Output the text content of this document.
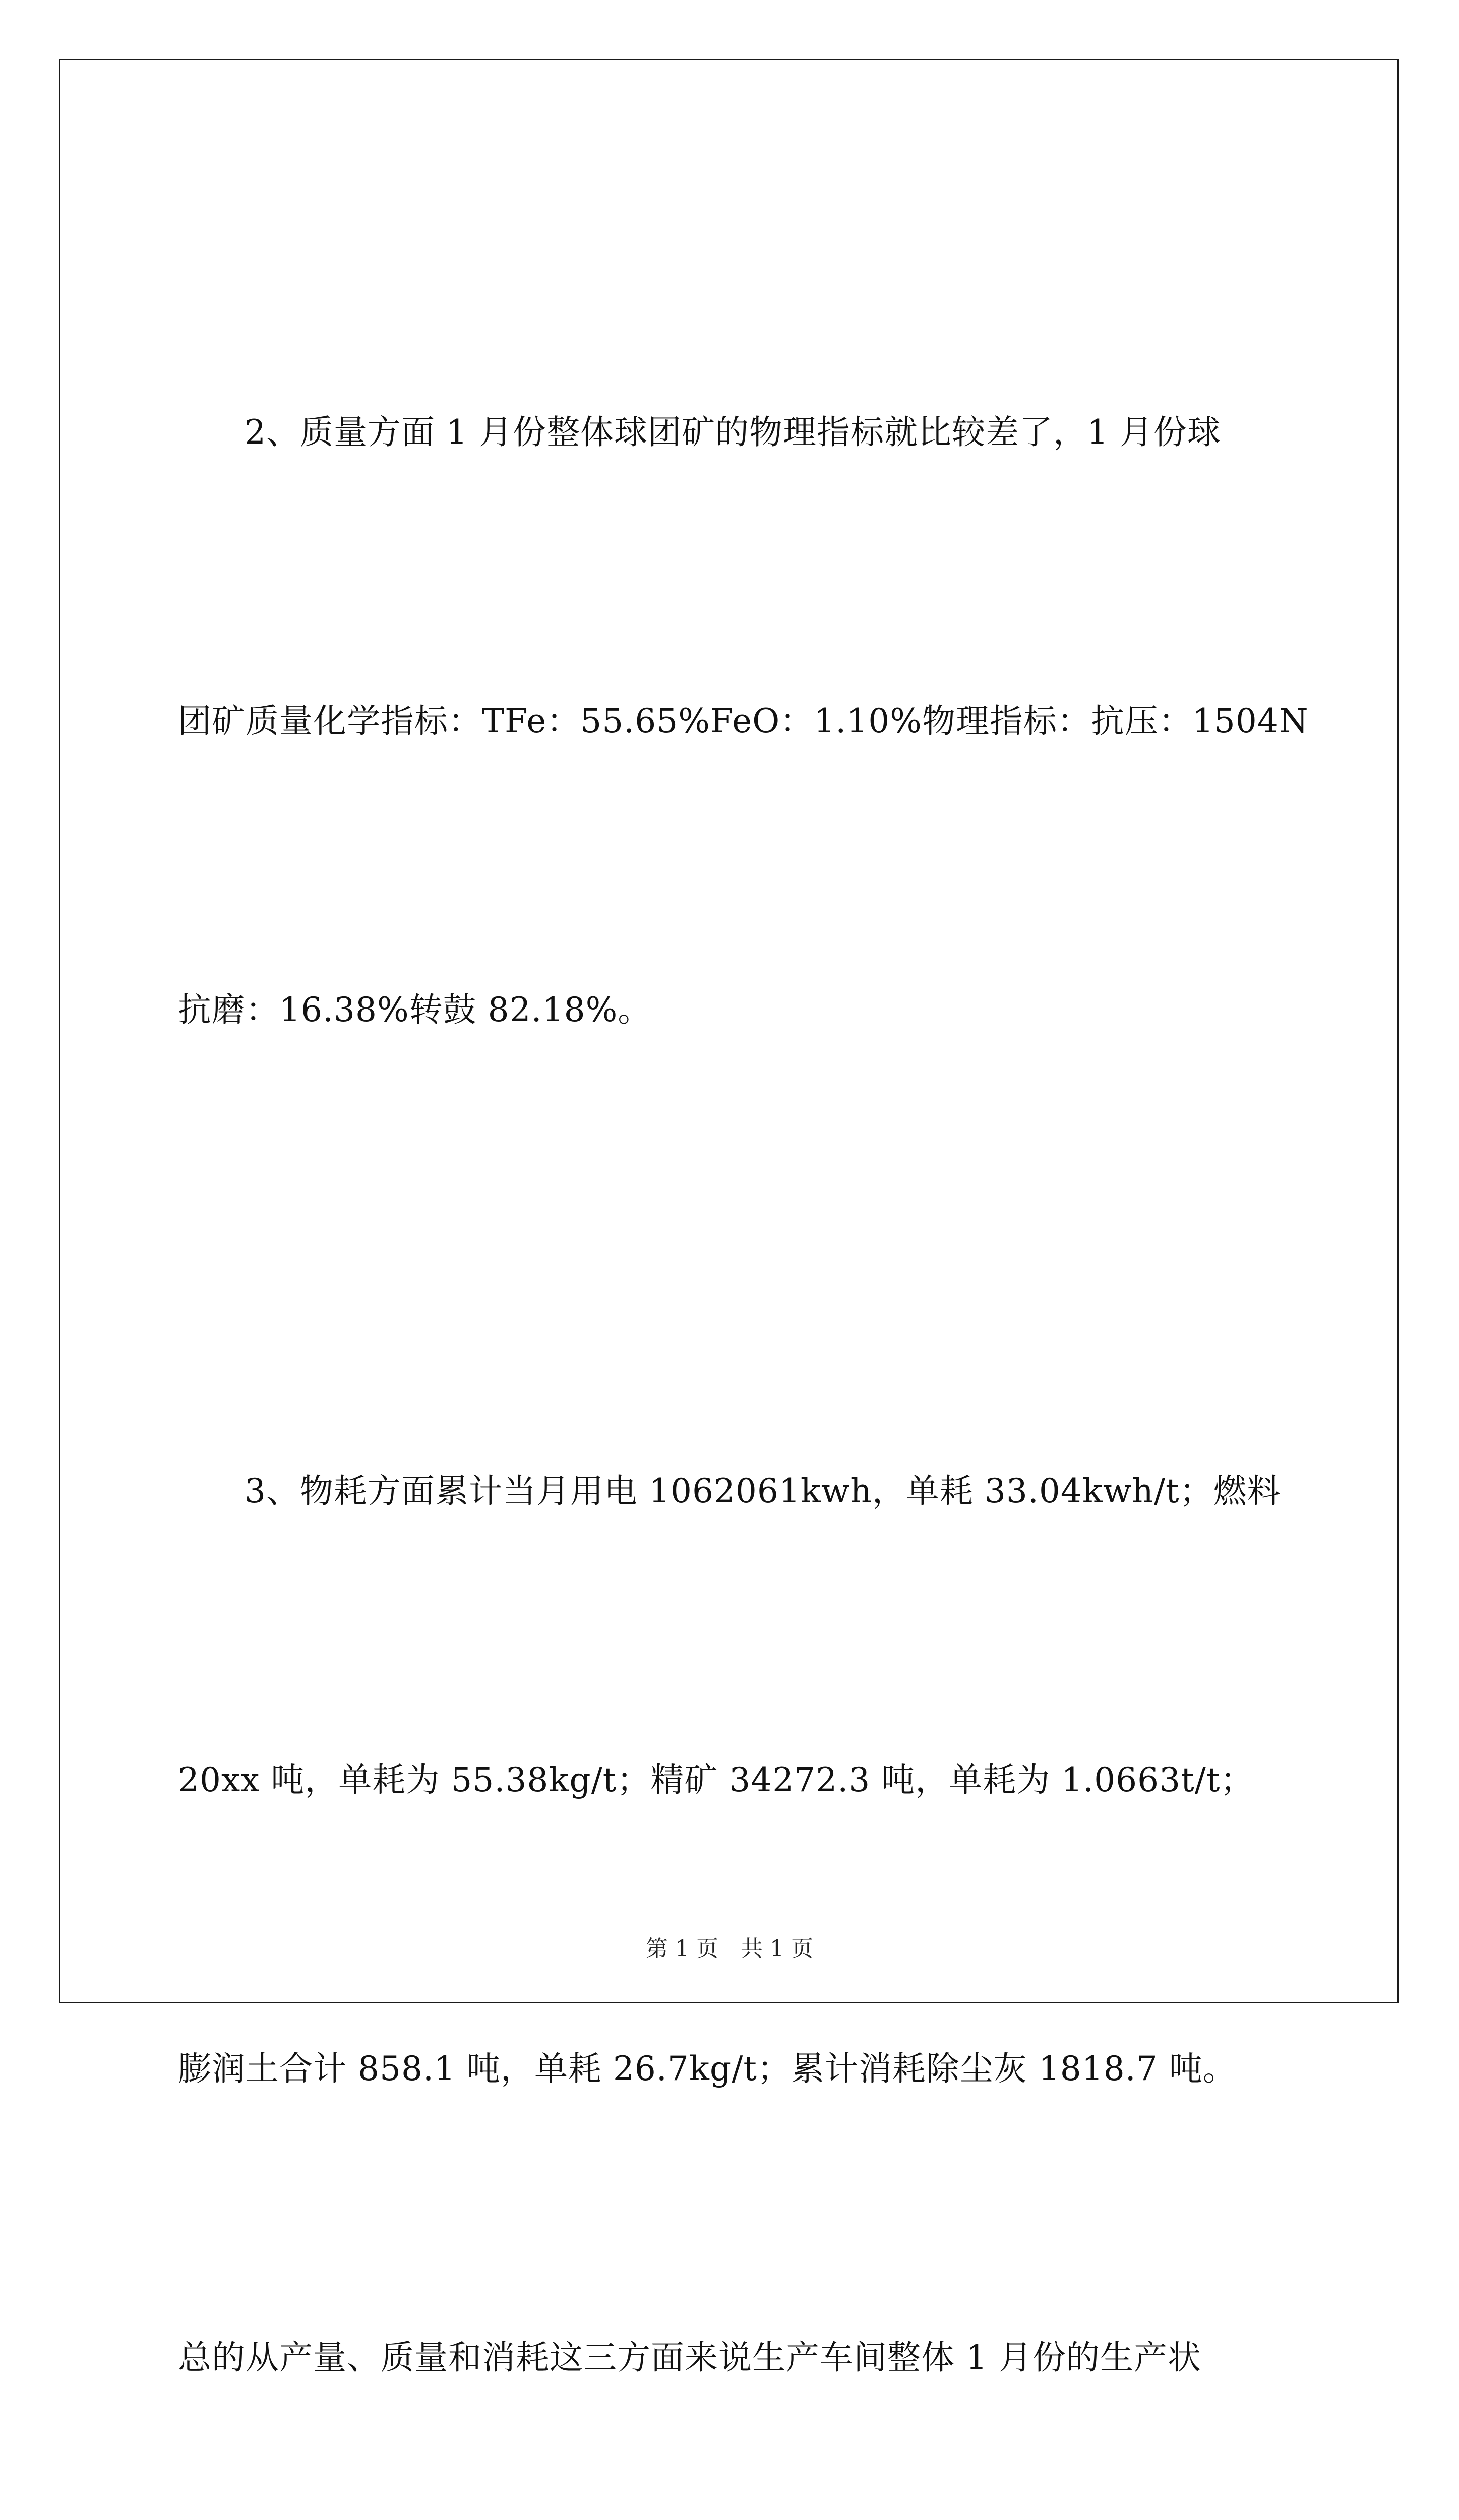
2、质量方面 1 月份整体球团矿的物理指标就比较差了，1 月份球

团矿质量化学指标：TFe：55.65%FeO：1.10%物理指标：抗压：1504N

抗磨：16.38%转鼓 82.18%。

3、物耗方面累计当月用电 1062061kwh，单耗 33.04kwh/t；燃料

20xx 吨，单耗为 55.38kg/t；精矿 34272.3 吨，单耗为 1.0663t/t；

膨润土合计 858.1 吨，单耗 26.7kg/t；累计消耗除尘灰 1818.7 吨。

总的从产量、质量和消耗这三方面来说生产车间整体 1 月份的生产状

第 1 页　共 1 页
